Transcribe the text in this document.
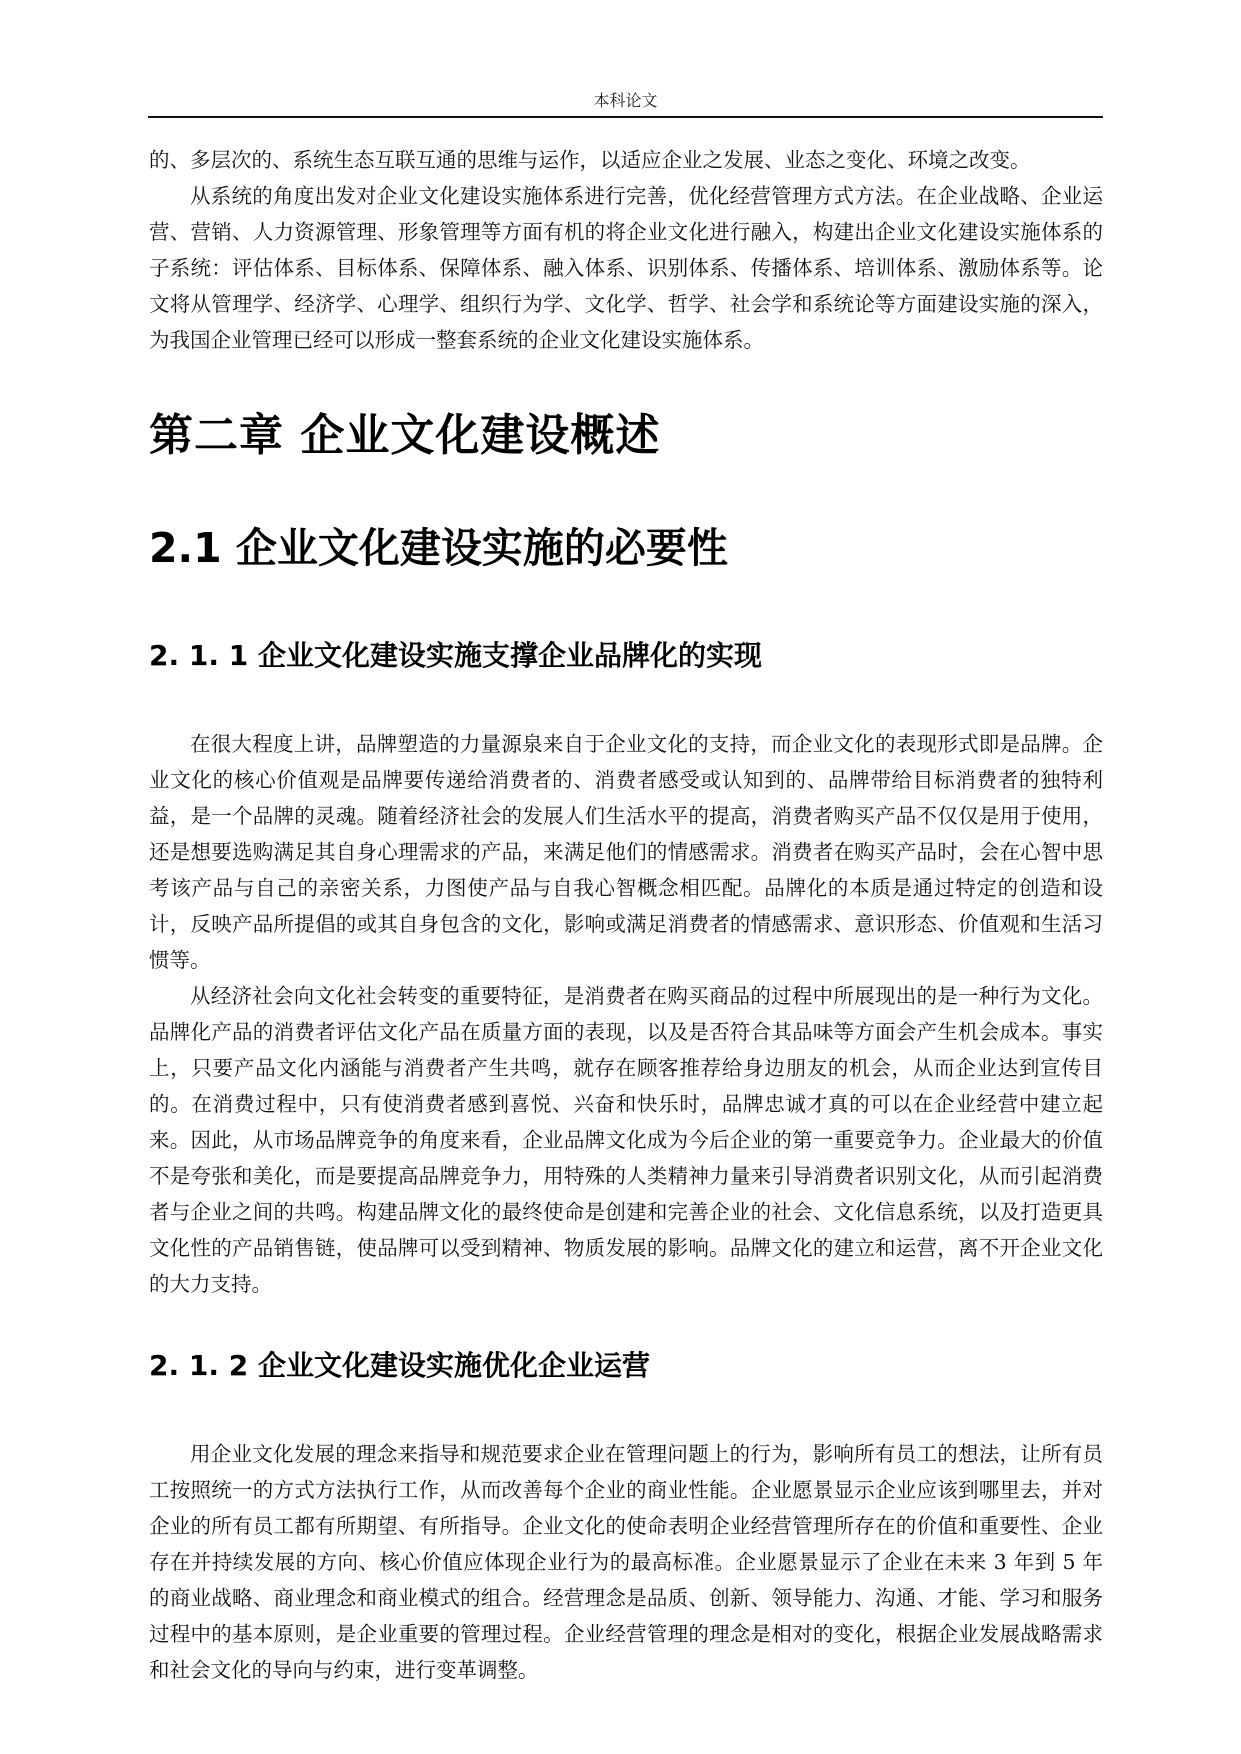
本科论文

的、多层次的、系统生态互联互通的思维与运作，以适应企业之发展、业态之变化、环境之改变。

从系统的角度出发对企业文化建设实施体系进行完善，优化经营管理方式方法。在企业战略、企业运营、营销、人力资源管理、形象管理等方面有机的将企业文化进行融入，构建出企业文化建设实施体系的子系统：评估体系、目标体系、保障体系、融入体系、识别体系、传播体系、培训体系、激励体系等。论文将从管理学、经济学、心理学、组织行为学、文化学、哲学、社会学和系统论等方面建设实施的深入，为我国企业管理已经可以形成一整套系统的企业文化建设实施体系。

第二章 企业文化建设概述
2.1 企业文化建设实施的必要性
2. 1. 1 企业文化建设实施支撑企业品牌化的实现

在很大程度上讲，品牌塑造的力量源泉来自于企业文化的支持，而企业文化的表现形式即是品牌。企业文化的核心价值观是品牌要传递给消费者的、消费者感受或认知到的、品牌带给目标消费者的独特利益，是一个品牌的灵魂。随着经济社会的发展人们生活水平的提高，消费者购买产品不仅仅是用于使用，还是想要选购满足其自身心理需求的产品，来满足他们的情感需求。消费者在购买产品时，会在心智中思考该产品与自己的亲密关系，力图使产品与自我心智概念相匹配。品牌化的本质是通过特定的创造和设计，反映产品所提倡的或其自身包含的文化，影响或满足消费者的情感需求、意识形态、价值观和生活习惯等。

从经济社会向文化社会转变的重要特征，是消费者在购买商品的过程中所展现出的是一种行为文化。品牌化产品的消费者评估文化产品在质量方面的表现，以及是否符合其品味等方面会产生机会成本。事实上，只要产品文化内涵能与消费者产生共鸣，就存在顾客推荐给身边朋友的机会，从而企业达到宣传目的。在消费过程中，只有使消费者感到喜悦、兴奋和快乐时，品牌忠诚才真的可以在企业经营中建立起来。因此，从市场品牌竞争的角度来看，企业品牌文化成为今后企业的第一重要竞争力。企业最大的价值不是夸张和美化，而是要提高品牌竞争力，用特殊的人类精神力量来引导消费者识别文化，从而引起消费者与企业之间的共鸣。构建品牌文化的最终使命是创建和完善企业的社会、文化信息系统，以及打造更具文化性的产品销售链，使品牌可以受到精神、物质发展的影响。品牌文化的建立和运营，离不开企业文化的大力支持。

2. 1. 2 企业文化建设实施优化企业运营

用企业文化发展的理念来指导和规范要求企业在管理问题上的行为，影响所有员工的想法，让所有员工按照统一的方式方法执行工作，从而改善每个企业的商业性能。企业愿景显示企业应该到哪里去，并对企业的所有员工都有所期望、有所指导。企业文化的使命表明企业经营管理所存在的价值和重要性、企业存在并持续发展的方向、核心价值应体现企业行为的最高标准。企业愿景显示了企业在未来 3 年到 5 年的商业战略、商业理念和商业模式的组合。经营理念是品质、创新、领导能力、沟通、才能、学习和服务过程中的基本原则，是企业重要的管理过程。企业经营管理的理念是相对的变化，根据企业发展战略需求和社会文化的导向与约束，进行变革调整。
